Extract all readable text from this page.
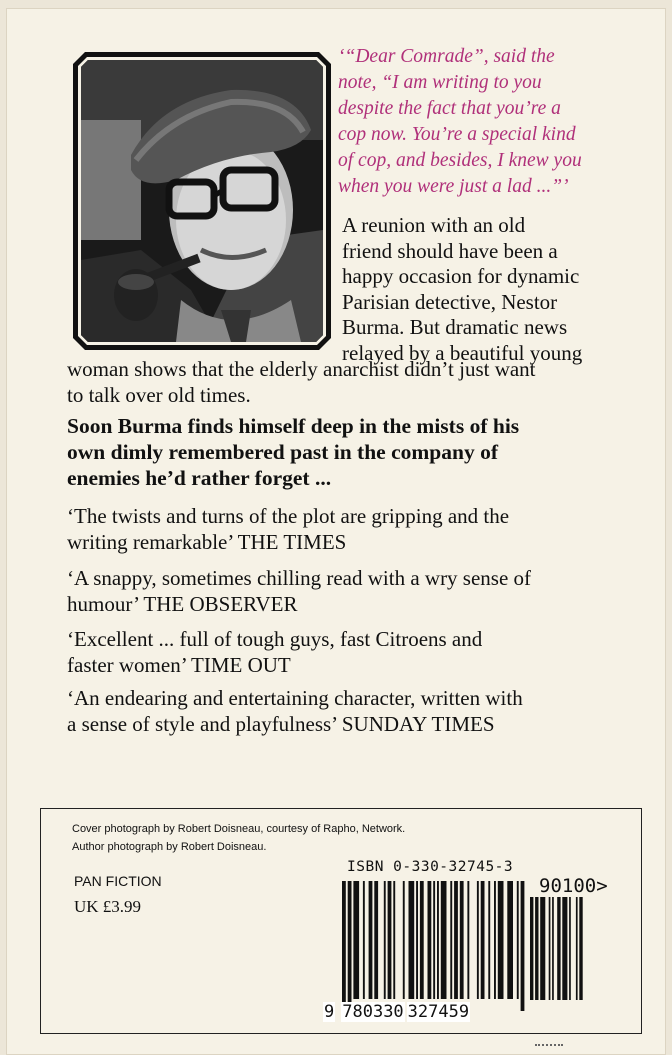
‘“Dear Comrade”, said the
note, “I am writing to you
despite the fact that you’re a
cop now. You’re a special kind
of cop, and besides, I knew you
when you were just a lad ...”’

A reunion with an old
friend should have been a
happy occasion for dynamic
Parisian detective, Nestor
Burma. But dramatic news
relayed by a beautiful young

woman shows that the elderly anarchist didn’t just want
to talk over old times.

Soon Burma finds himself deep in the mists of his
own dimly remembered past in the company of
enemies he’d rather forget ...

‘The twists and turns of the plot are gripping and the
writing remarkable’ THE TIMES

‘A snappy, sometimes chilling read with a wry sense of
humour’ THE OBSERVER

‘Excellent ... full of tough guys, fast Citroens and
faster women’ TIME OUT

‘An endearing and entertaining character, written with
a sense of style and playfulness’ SUNDAY TIMES

Cover photograph by Robert Doisneau, courtesy of Rapho, Network.
Author photograph by Robert Doisneau.
PAN FICTION
UK £3.99
ISBN 0-330-32745-3
90100>
9 780330 327459
